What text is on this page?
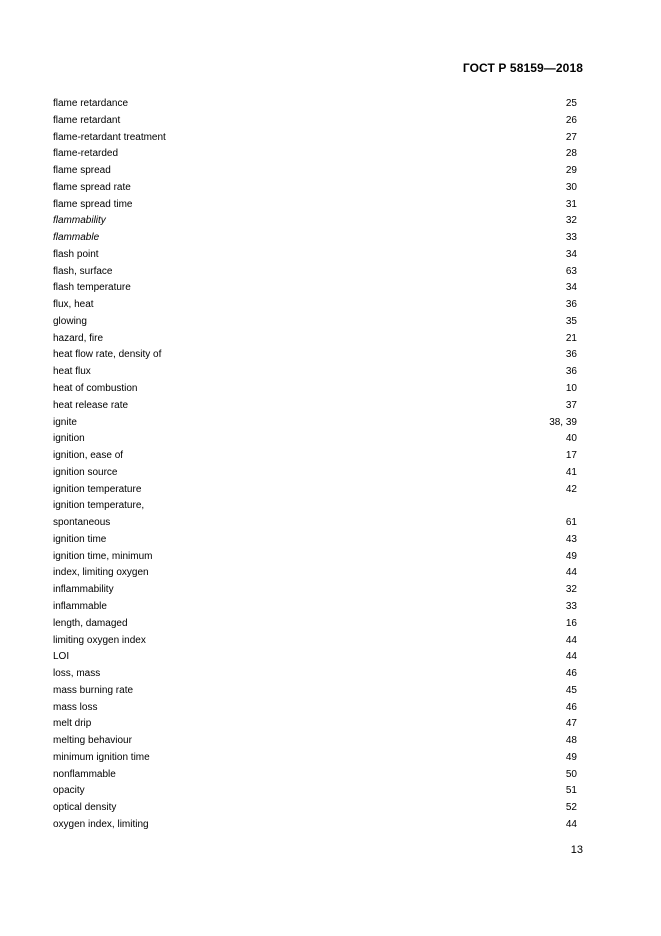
ГОСТ Р 58159—2018
flame retardance	25
flame retardant	26
flame-retardant treatment	27
flame-retarded	28
flame spread	29
flame spread rate	30
flame spread time	31
flammability	32
flammable	33
flash point	34
flash, surface	63
flash temperature	34
flux, heat	36
glowing	35
hazard, fire	21
heat flow rate, density of	36
heat flux	36
heat of combustion	10
heat release rate	37
ignite	38, 39
ignition	40
ignition, ease of	17
ignition source	41
ignition temperature	42
ignition temperature,
spontaneous	61
ignition time	43
ignition time, minimum	49
index, limiting oxygen	44
inflammability	32
inflammable	33
length, damaged	16
limiting oxygen index	44
LOI	44
loss, mass	46
mass burning rate	45
mass loss	46
melt drip	47
melting behaviour	48
minimum ignition time	49
nonflammable	50
opacity	51
optical density	52
oxygen index, limiting	44
13
